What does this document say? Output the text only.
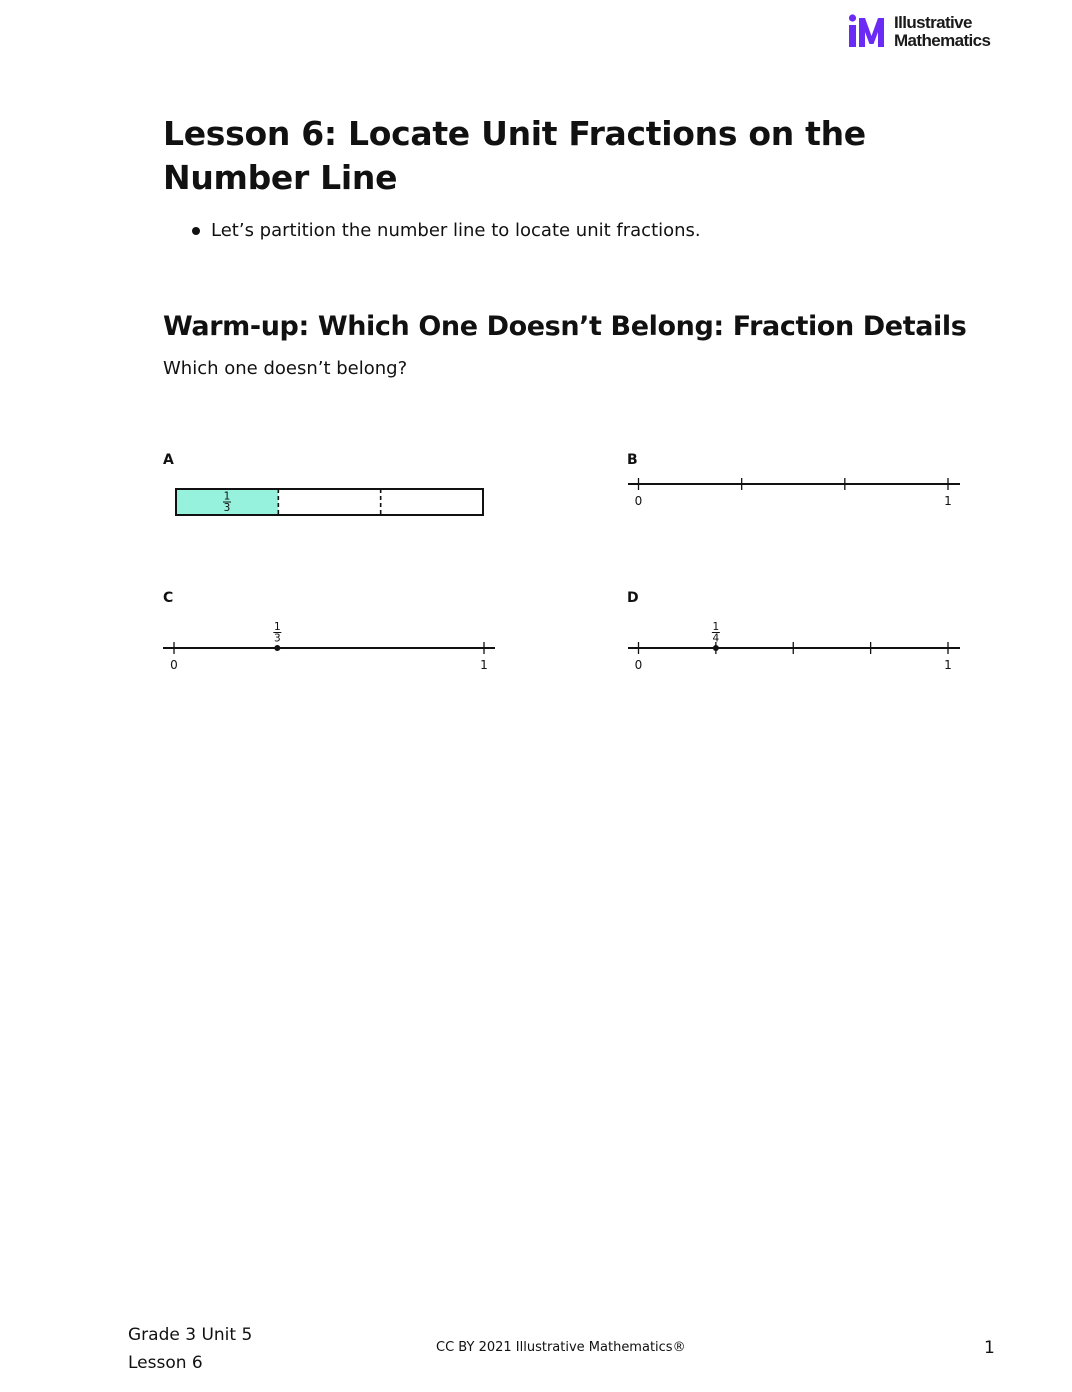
Illustrative
Mathematics
Lesson 6: Locate Unit Fractions on the Number Line
Let’s partition the number line to locate unit fractions.
Warm-up: Which One Doesn’t Belong: Fraction Details

Which one doesn’t belong?

A
1
3
B
0	1
C
1
3
0	1
D
1
4
0	1
Grade 3 Unit 5
Lesson 6
CC BY 2021 Illustrative Mathematics®	1
